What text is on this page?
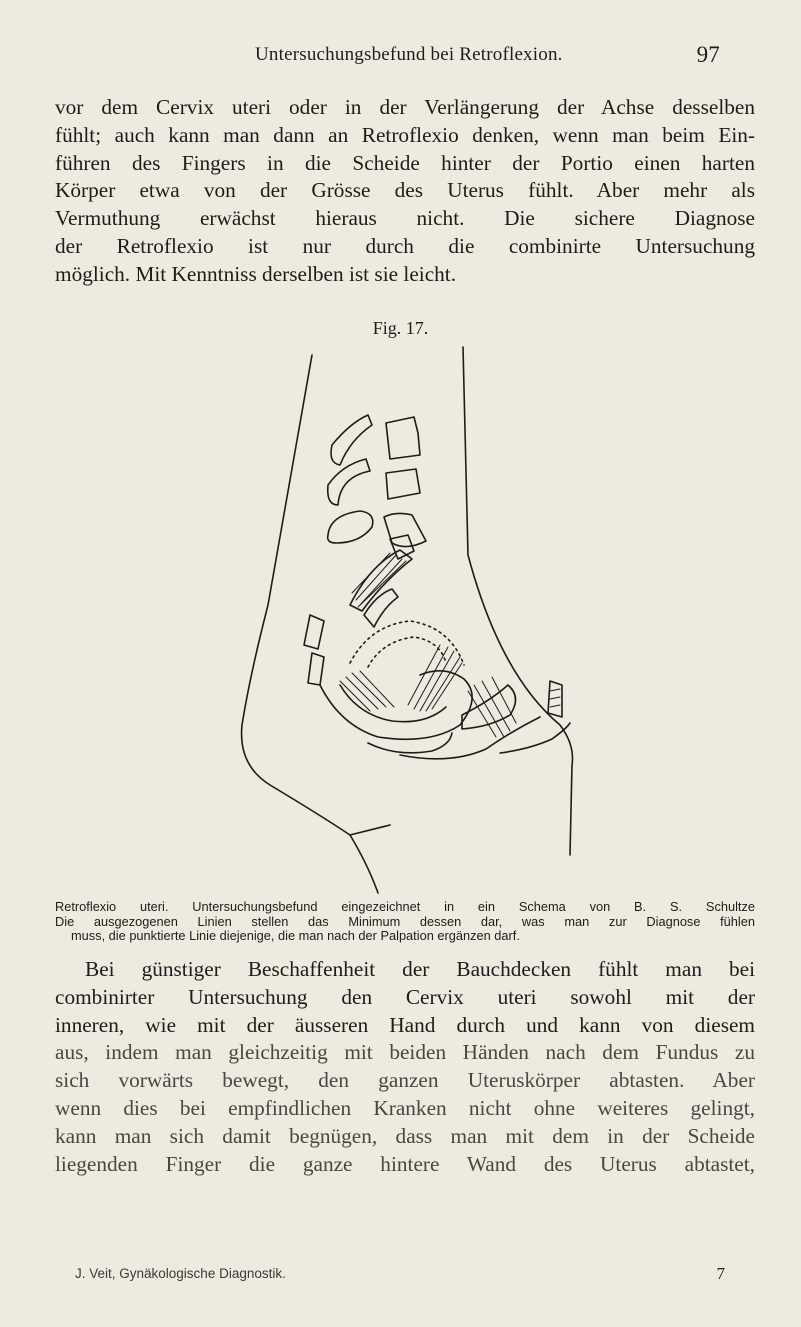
Untersuchungsbefund bei Retroflexion.	97
vor dem Cervix uteri oder in der Verlängerung der Achse desselben
fühlt; auch kann man dann an Retroflexio denken, wenn man beim Ein-
führen des Fingers in die Scheide hinter der Portio einen harten
Körper etwa von der Grösse des Uterus fühlt. Aber mehr als
Vermuthung erwächst hieraus nicht. Die sichere Diagnose
der Retroflexio ist nur durch die combinirte Untersuchung
möglich. Mit Kenntniss derselben ist sie leicht.
Fig. 17.
Retroflexio uteri. Untersuchungsbefund eingezeichnet in ein Schema von B. S. Schultze
Die ausgezogenen Linien stellen das Minimum dessen dar, was man zur Diagnose fühlen
muss, die punktierte Linie diejenige, die man nach der Palpation ergänzen darf.
Bei günstiger Beschaffenheit der Bauchdecken fühlt man bei
combinirter Untersuchung den Cervix uteri sowohl mit der
inneren, wie mit der äusseren Hand durch und kann von diesem
aus, indem man gleichzeitig mit beiden Händen nach dem Fundus zu
sich vorwärts bewegt, den ganzen Uteruskörper abtasten. Aber
wenn dies bei empfindlichen Kranken nicht ohne weiteres gelingt,
kann man sich damit begnügen, dass man mit dem in der Scheide
liegenden Finger die ganze hintere Wand des Uterus abtastet,
J. Veit, Gynäkologische Diagnostik.	7
